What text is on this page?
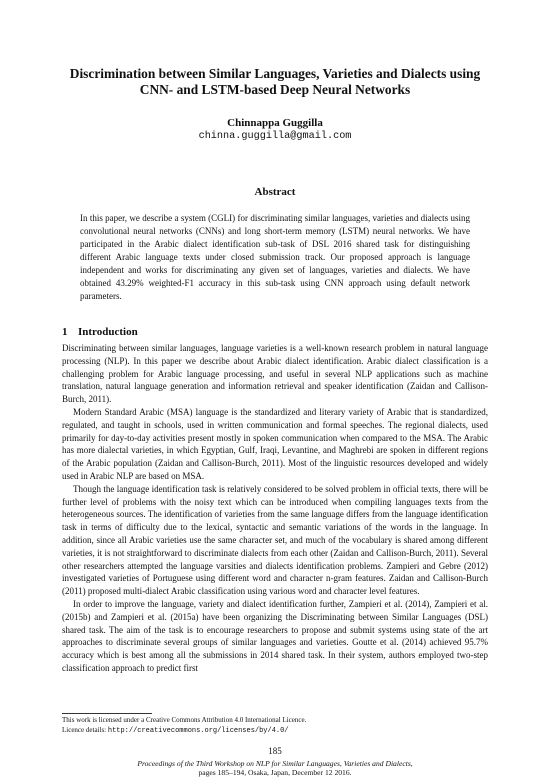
Discrimination between Similar Languages, Varieties and Dialects using
CNN- and LSTM-based Deep Neural Networks
Chinnappa Guggilla
chinna.guggilla@gmail.com
Abstract

In this paper, we describe a system (CGLI) for discriminating similar languages, varieties and dialects using convolutional neural networks (CNNs) and long short-term memory (LSTM) neural networks. We have participated in the Arabic dialect identification sub-task of DSL 2016 shared task for distinguishing different Arabic language texts under closed submission track. Our proposed approach is language independent and works for discriminating any given set of languages, varieties and dialects. We have obtained 43.29% weighted-F1 accuracy in this sub-task using CNN approach using default network parameters.

1 Introduction

Discriminating between similar languages, language varieties is a well-known research problem in natural language processing (NLP). In this paper we describe about Arabic dialect identification. Arabic dialect classification is a challenging problem for Arabic language processing, and useful in several NLP applications such as machine translation, natural language generation and information retrieval and speaker identification (Zaidan and Callison-Burch, 2011).

Modern Standard Arabic (MSA) language is the standardized and literary variety of Arabic that is standardized, regulated, and taught in schools, used in written communication and formal speeches. The regional dialects, used primarily for day-to-day activities present mostly in spoken communication when compared to the MSA. The Arabic has more dialectal varieties, in which Egyptian, Gulf, Iraqi, Levantine, and Maghrebi are spoken in different regions of the Arabic population (Zaidan and Callison-Burch, 2011). Most of the linguistic resources developed and widely used in Arabic NLP are based on MSA.

Though the language identification task is relatively considered to be solved problem in official texts, there will be further level of problems with the noisy text which can be introduced when compiling languages texts from the heterogeneous sources. The identification of varieties from the same language differs from the language identification task in terms of difficulty due to the lexical, syntactic and semantic variations of the words in the language. In addition, since all Arabic varieties use the same character set, and much of the vocabulary is shared among different varieties, it is not straightforward to discriminate dialects from each other (Zaidan and Callison-Burch, 2011). Several other researchers attempted the language varsities and dialects identification problems. Zampieri and Gebre (2012) investigated varieties of Portuguese using different word and character n-gram features. Zaidan and Callison-Burch (2011) proposed multi-dialect Arabic classification using various word and character level features.

In order to improve the language, variety and dialect identification further, Zampieri et al. (2014), Zampieri et al. (2015b) and Zampieri et al. (2015a) have been organizing the Discriminating between Similar Languages (DSL) shared task. The aim of the task is to encourage researchers to propose and submit systems using state of the art approaches to discriminate several groups of similar languages and varieties. Goutte et al. (2014) achieved 95.7% accuracy which is best among all the submissions in 2014 shared task. In their system, authors employed two-step classification approach to predict first

This work is licensed under a Creative Commons Attribution 4.0 International Licence.
Licence details: http://creativecommons.org/licenses/by/4.0/
185
Proceedings of the Third Workshop on NLP for Similar Languages, Varieties and Dialects,
pages 185–194, Osaka, Japan, December 12 2016.
